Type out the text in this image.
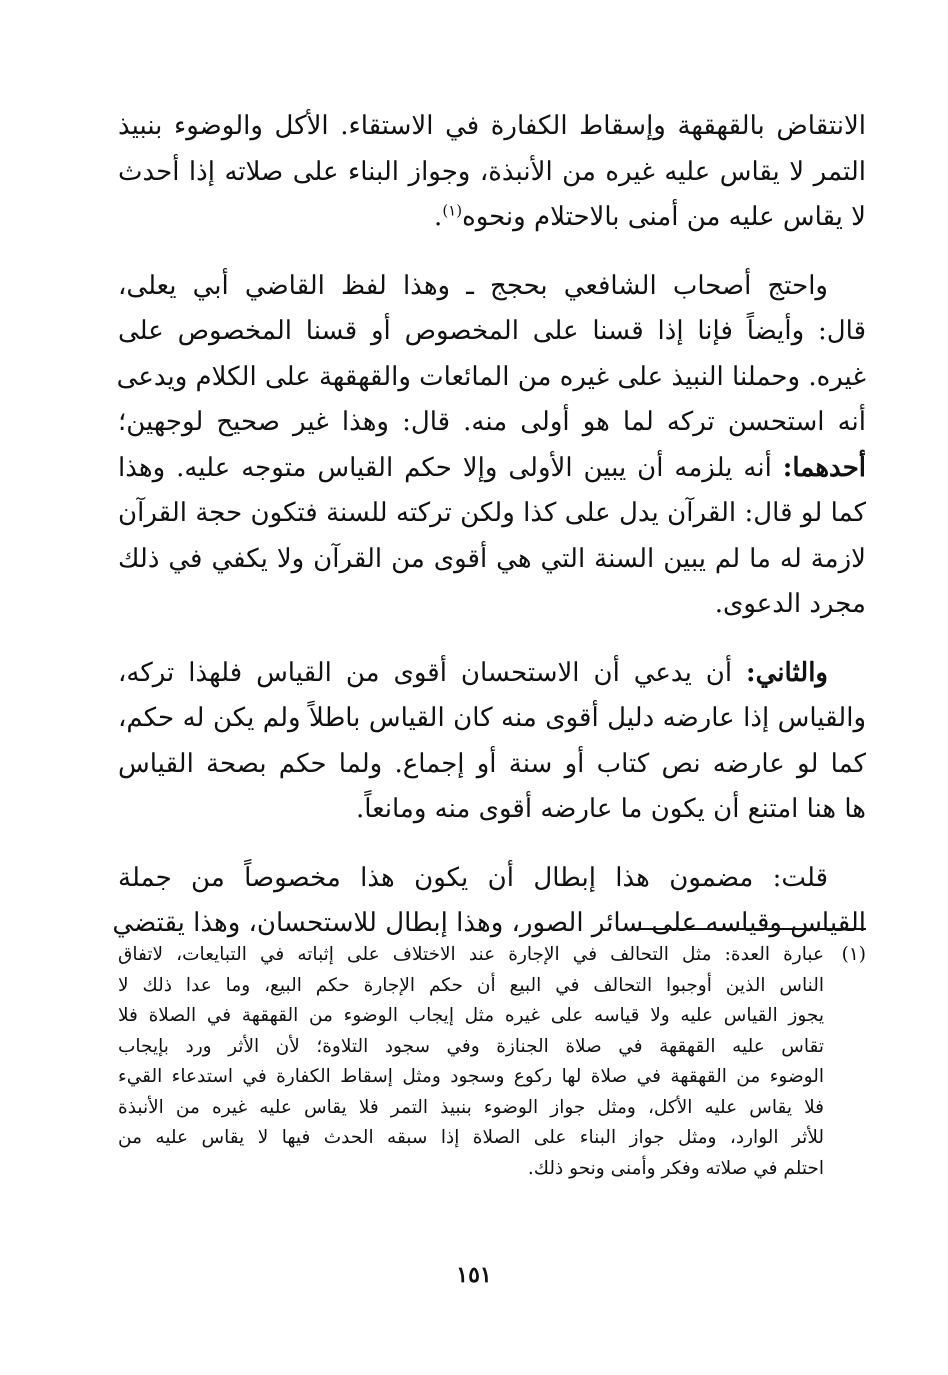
الانتقاض بالقهقهة وإسقاط الكفارة في الاستقاء. الأكل والوضوء بنبيذ
التمر لا يقاس عليه غيره من الأنبذة، وجواز البناء على صلاته إذا أحدث
لا يقاس عليه من أمنى بالاحتلام ونحوه$^{(١)}$.

واحتج أصحاب الشافعي بحجج ـ وهذا لفظ القاضي أبي يعلى،
قال: وأيضاً فإنا إذا قسنا على المخصوص أو قسنا المخصوص على
غيره. وحملنا النبيذ على غيره من المائعات والقهقهة على الكلام ويدعى
أنه استحسن تركه لما هو أولى منه. قال: وهذا غير صحيح لوجهين؛
أحدهما: أنه يلزمه أن يبين الأولى وإلا حكم القياس متوجه عليه. وهذا
كما لو قال: القرآن يدل على كذا ولكن تركته للسنة فتكون حجة القرآن
لازمة له ما لم يبين السنة التي هي أقوى من القرآن ولا يكفي في ذلك
مجرد الدعوى.

والثاني: أن يدعي أن الاستحسان أقوى من القياس فلهذا تركه،
والقياس إذا عارضه دليل أقوى منه كان القياس باطلاً ولم يكن له حكم،
كما لو عارضه نص كتاب أو سنة أو إجماع. ولما حكم بصحة القياس
ها هنا امتنع أن يكون ما عارضه أقوى منه ومانعاً.

قلت: مضمون هذا إبطال أن يكون هذا مخصوصاً من جملة
القياس وقياسه على سائر الصور، وهذا إبطال للاستحسان، وهذا يقتضي

(١)
عبارة العدة: مثل التحالف في الإجارة عند الاختلاف على إثباته في التبايعات، لاتفاق
الناس الذين أوجبوا التحالف في البيع أن حكم الإجارة حكم البيع، وما عدا ذلك لا
يجوز القياس عليه ولا قياسه على غيره مثل إيجاب الوضوء من القهقهة في الصلاة فلا
تقاس عليه القهقهة في صلاة الجنازة وفي سجود التلاوة؛ لأن الأثر ورد بإيجاب
الوضوء من القهقهة في صلاة لها ركوع وسجود ومثل إسقاط الكفارة في استدعاء القيء
فلا يقاس عليه الأكل، ومثل جواز الوضوء بنبيذ التمر فلا يقاس عليه غيره من الأنبذة
للأثر الوارد، ومثل جواز البناء على الصلاة إذا سبقه الحدث فيها لا يقاس عليه من
احتلم في صلاته وفكر وأمنى ونحو ذلك.
١٥١
